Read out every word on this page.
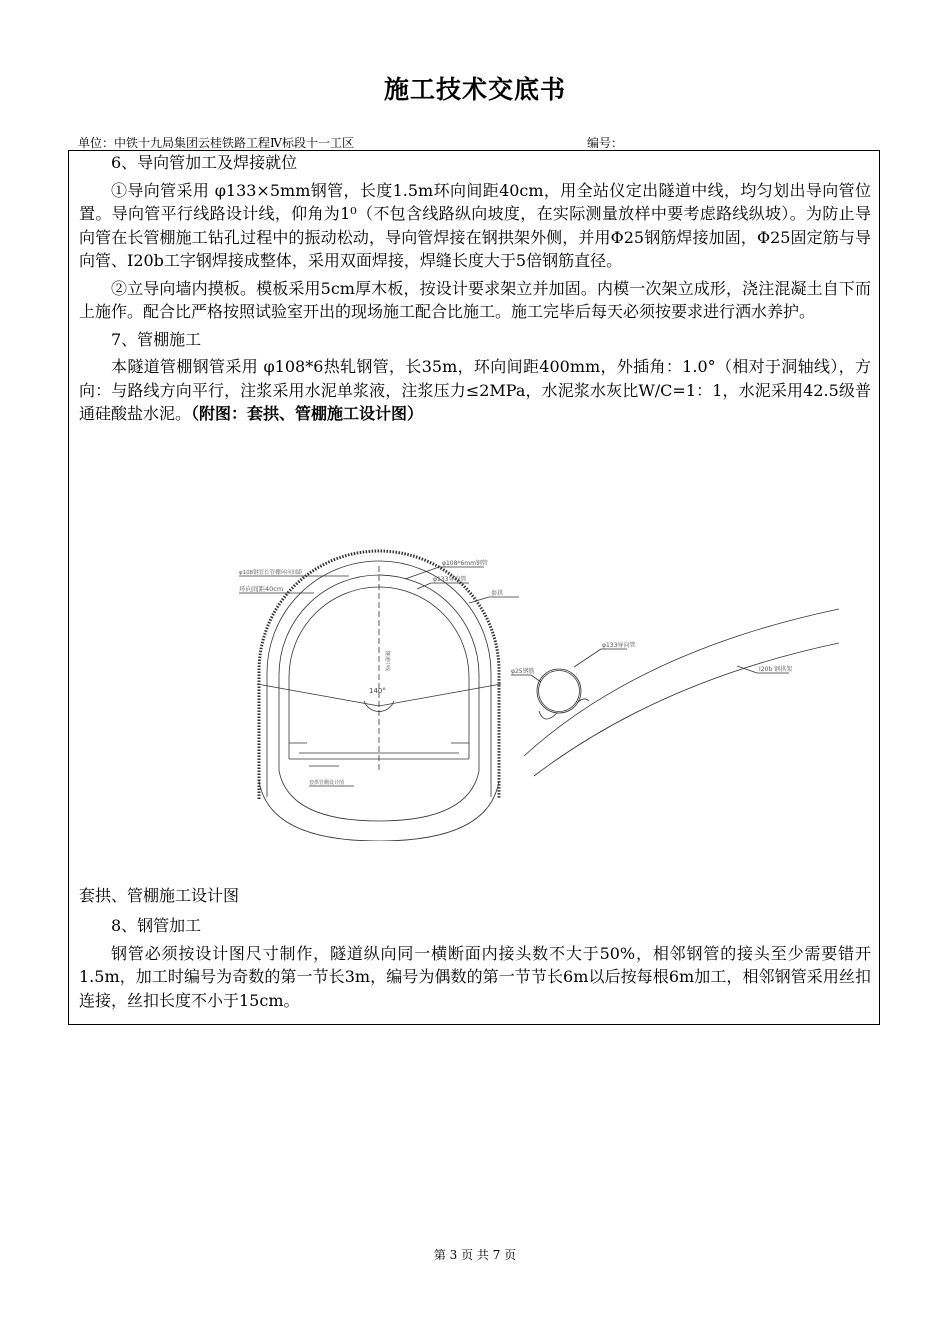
施工技术交底书
单位：中铁十九局集团云桂铁路工程Ⅳ标段十一工区	编号：

6、导向管加工及焊接就位

①导向管采用 φ133×5mm钢管，长度1.5m环向间距40cm，用全站仪定出隧道中线，均匀划出导向管位置。导向管平行线路设计线，仰角为1⁰（不包含线路纵向坡度，在实际测量放样中要考虑路线纵坡）。为防止导向管在长管棚施工钻孔过程中的振动松动，导向管焊接在钢拱架外侧，并用Φ25钢筋焊接加固，Φ25固定筋与导向管、I20b工字钢焊接成整体，采用双面焊接，焊缝长度大于5倍钢筋直径。

②立导向墙内摸板。模板采用5cm厚木板，按设计要求架立并加固。内模一次架立成形，浇注混凝土自下而上施作。配合比严格按照试验室开出的现场施工配合比施工。施工完毕后每天必须按要求进行洒水养护。

7、管棚施工

本隧道管棚钢管采用 φ108*6热轧钢管，长35m，环向间距400mm，外插角：1.0°（相对于洞轴线），方向：与路线方向平行，注浆采用水泥单浆液，注浆压力≤2MPa，水泥浆水灰比W/C=1：1，水泥采用42.5级普通硅酸盐水泥。（附图：套拱、管棚施工设计图）

φ108钢管长管棚环向间距
环向间距40cm
φ108*6mm钢管
φ133导向管
套拱
140°
隧道中线
套拱管棚设计图
φ133导向管
φ25钢筋	I20b 钢拱架
套拱、管棚施工设计图

8、钢管加工

钢管必须按设计图尺寸制作，隧道纵向同一横断面内接头数不大于50%，相邻钢管的接头至少需要错开1.5m，加工时编号为奇数的第一节长3m，编号为偶数的第一节节长6m以后按每根6m加工，相邻钢管采用丝扣连接，丝扣长度不小于15cm。

第 3 页 共 7 页
